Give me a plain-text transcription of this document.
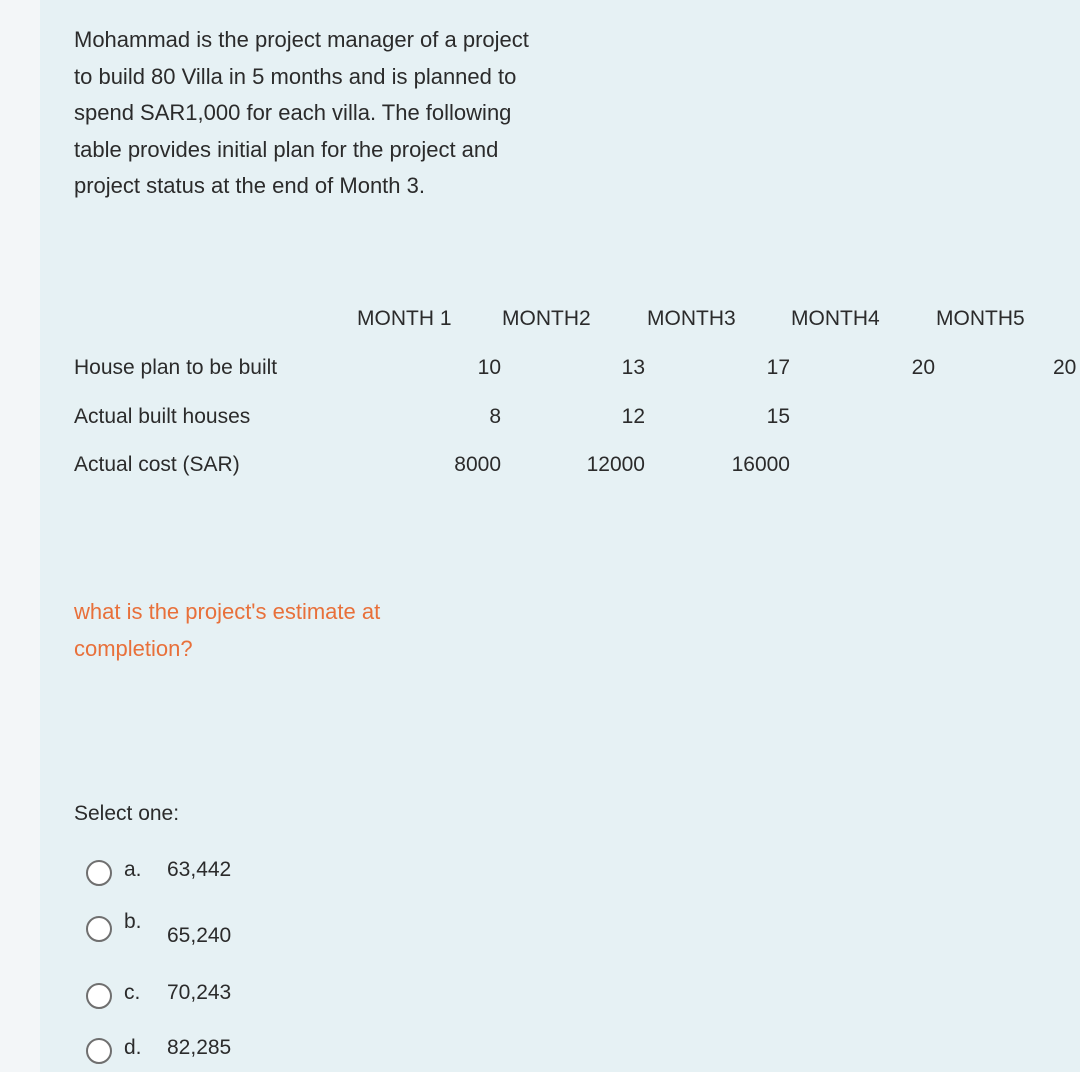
Mohammad is the project manager of a project to build 80 Villa in 5 months and is planned to spend SAR1,000 for each villa. The following table provides initial plan for the project and project status at the end of Month 3.

MONTH 1 MONTH2	MONTH3	MONTH4	MONTH5
House plan to be built	10	13	17	20	20
Actual built houses	8	12	15
Actual cost (SAR)	8000	12000	16000

what is the project's estimate at completion?

Select one:
a. 63,442
b.
65,240
c. 70,243
d. 82,285
